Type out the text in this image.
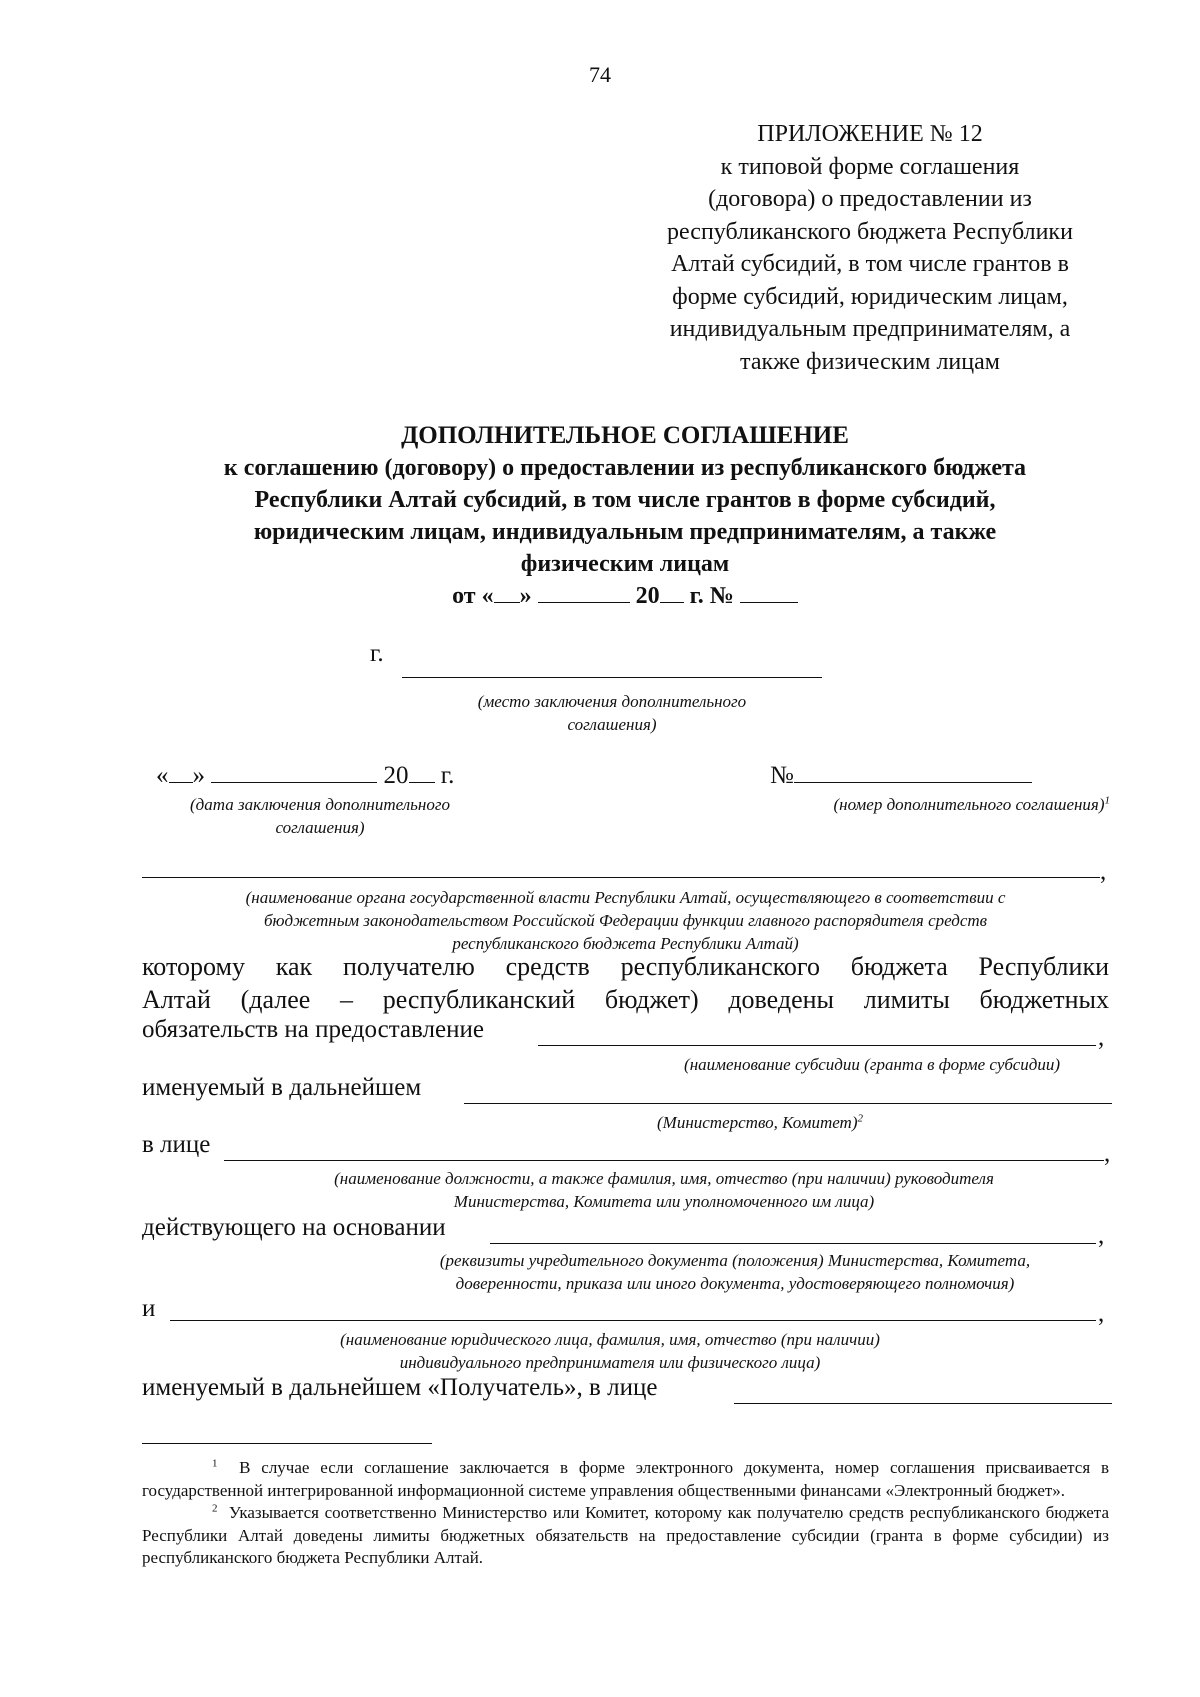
74
ПРИЛОЖЕНИЕ № 12
к типовой форме соглашения
(договора) о предоставлении из
республиканского бюджета Республики
Алтай субсидий, в том числе грантов в
форме субсидий, юридическим лицам,
индивидуальным предпринимателям, а
также физическим лицам
ДОПОЛНИТЕЛЬНОЕ СОГЛАШЕНИЕ
к соглашению (договору) о предоставлении из республиканского бюджета
Республики Алтай субсидий, в том числе грантов в форме субсидий,
юридическим лицам, индивидуальным предпринимателям, а также
физическим лицам
от « »	20 г. №
г.
(место заключения дополнительного
соглашения)
« »	20 г.
(дата заключения дополнительного
соглашения)
№
(номер дополнительного соглашения)$^1$
,
(наименование органа государственной власти Республики Алтай, осуществляющего в соответствии с
бюджетным законодательством Российской Федерации функции главного распорядителя средств
республиканского бюджета Республики Алтай)
которому как получателю средств республиканского бюджета Республики
Алтай (далее – республиканский бюджет) доведены лимиты бюджетных
обязательств на предоставление	,
(наименование субсидии (гранта в форме субсидии)
именуемый в дальнейшем
(Министерство, Комитет)$^2$
в лице	,
(наименование должности, а также фамилия, имя, отчество (при наличии) руководителя
Министерства, Комитета или уполномоченного им лица)
действующего на основании	,
(реквизиты учредительного документа (положения) Министерства, Комитета,
доверенности, приказа или иного документа, удостоверяющего полномочия)
и	,
(наименование юридического лица, фамилия, имя, отчество (при наличии)
индивидуального предпринимателя или физического лица)
именуемый в дальнейшем «Получатель», в лице

$^1$ В случае если соглашение заключается в форме электронного документа, номер соглашения присваивается в государственной интегрированной информационной системе управления общественными финансами «Электронный бюджет».

$^2$ Указывается соответственно Министерство или Комитет, которому как получателю средств республиканского бюджета Республики Алтай доведены лимиты бюджетных обязательств на предоставление субсидии (гранта в форме субсидии) из республиканского бюджета Республики Алтай.
